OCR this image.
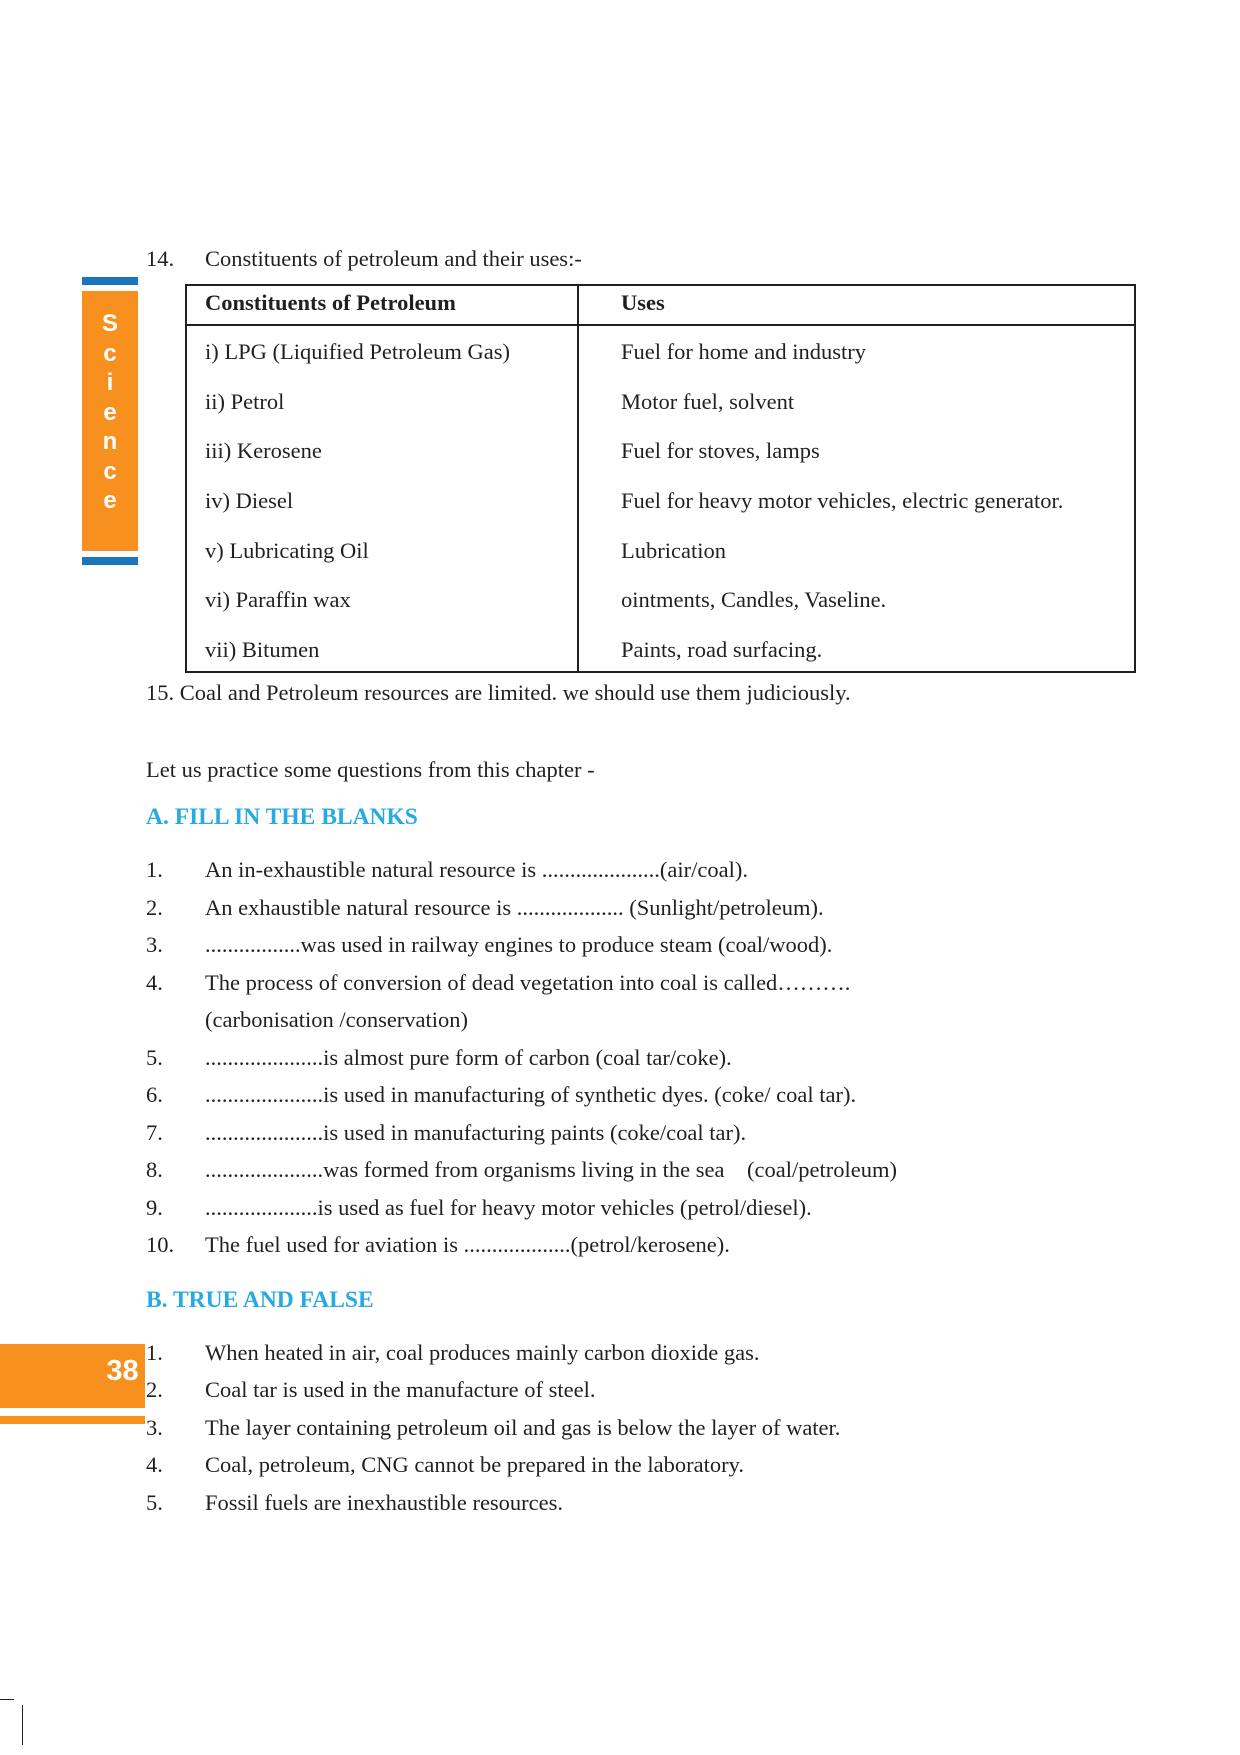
S
c
i
e
n
c
e
38
14. Constituents of petroleum and their uses:-
Constituents of Petroleum	Uses
i) LPG (Liquified Petroleum Gas)	Fuel for home and industry
ii) Petrol	Motor fuel, solvent
iii) Kerosene	Fuel for stoves, lamps
iv) Diesel	Fuel for heavy motor vehicles, electric generator.
v) Lubricating Oil	Lubrication
vi) Paraffin wax	ointments, Candles, Vaseline.
vii) Bitumen	Paints, road surfacing.
15. Coal and Petroleum resources are limited. we should use them judiciously.
Let us practice some questions from this chapter -
A. FILL IN THE BLANKS
1. An in-exhaustible natural resource is .....................(air/coal).
2. An exhaustible natural resource is ................... (Sunlight/petroleum).
3. .................was used in railway engines to produce steam (coal/wood).
4. The process of conversion of dead vegetation into coal is called……….
(carbonisation /conservation)
5. .....................is almost pure form of carbon (coal tar/coke).
6. .....................is used in manufacturing of synthetic dyes. (coke/ coal tar).
7. .....................is used in manufacturing paints (coke/coal tar).
8. .....................was formed from organisms living in the sea    (coal/petroleum)
9. ....................is used as fuel for heavy motor vehicles (petrol/diesel).
10. The fuel used for aviation is ...................(petrol/kerosene).
B. TRUE AND FALSE
1. When heated in air, coal produces mainly carbon dioxide gas.
2. Coal tar is used in the manufacture of steel.
3. The layer containing petroleum oil and gas is below the layer of water.
4. Coal, petroleum, CNG cannot be prepared in the laboratory.
5. Fossil fuels are inexhaustible resources.
